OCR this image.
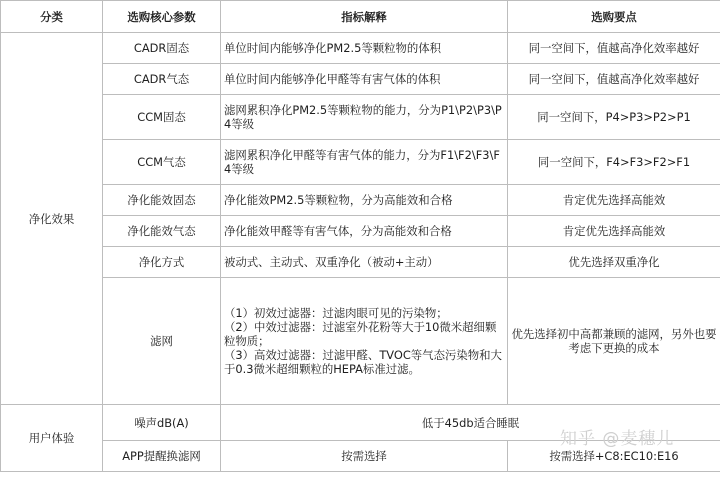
分类	选购核心参数	指标解释	选购要点
净化效果	CADR固态	单位时间内能够净化PM2.5等颗粒物的体积	同一空间下，值越高净化效率越好
	CADR气态	单位时间内能够净化甲醛等有害气体的体积	同一空间下，值越高净化效率越好
	CCM固态	滤网累积净化PM2.5等颗粒物的能力，分为P1\P2\P3\P4等级	同一空间下，P4>P3>P2>P1
	CCM气态	滤网累积净化甲醛等有害气体的能力，分为F1\F2\F3\F4等级	同一空间下，F4>F3>F2>F1
	净化能效固态	净化能效PM2.5等颗粒物，分为高能效和合格	肯定优先选择高能效
	净化能效气态	净化能效甲醛等有害气体，分为高能效和合格	肯定优先选择高能效
	净化方式	被动式、主动式、双重净化（被动+主动）	优先选择双重净化
	滤网	（1）初效过滤器：过滤肉眼可见的污染物；
（2）中效过滤器：过滤室外花粉等大于10微米超细颗粒物质；
（3）高效过滤器：过滤甲醛、TVOC等气态污染物和大于0.3微米超细颗粒的HEPA标准过滤。	优先选择初中高都兼顾的滤网，另外也要考虑下更换的成本
用户体验	噪声dB(A)	低于45db适合睡眠	
	APP提醒换滤网	按需选择	按需选择+C8:EC10:E16
知乎 @麦穗儿
